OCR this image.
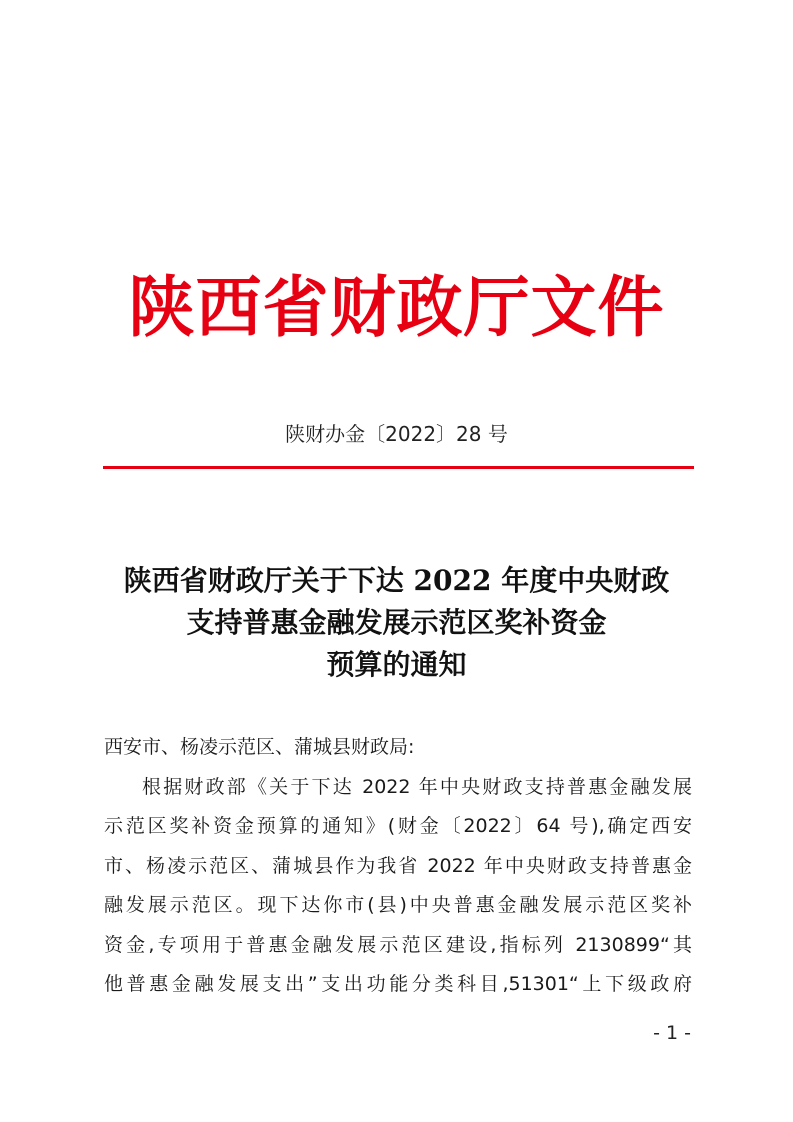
陕西省财政厅文件
陕财办金〔2022〕28 号
陕西省财政厅关于下达 2022 年度中央财政
支持普惠金融发展示范区奖补资金
预算的通知
西安市、杨凌示范区、蒲城县财政局:
根据财政部《关于下达 2022 年中央财政支持普惠金融发展
示范区奖补资金预算的通知》(财金〔2022〕64 号),确定西安
市、杨凌示范区、蒲城县作为我省 2022 年中央财政支持普惠金
融发展示范区。现下达你市(县)中央普惠金融发展示范区奖补
资金,专项用于普惠金融发展示范区建设,指标列 2130899“其
他普惠金融发展支出”支出功能分类科目,51301“上下级政府
- 1 -
